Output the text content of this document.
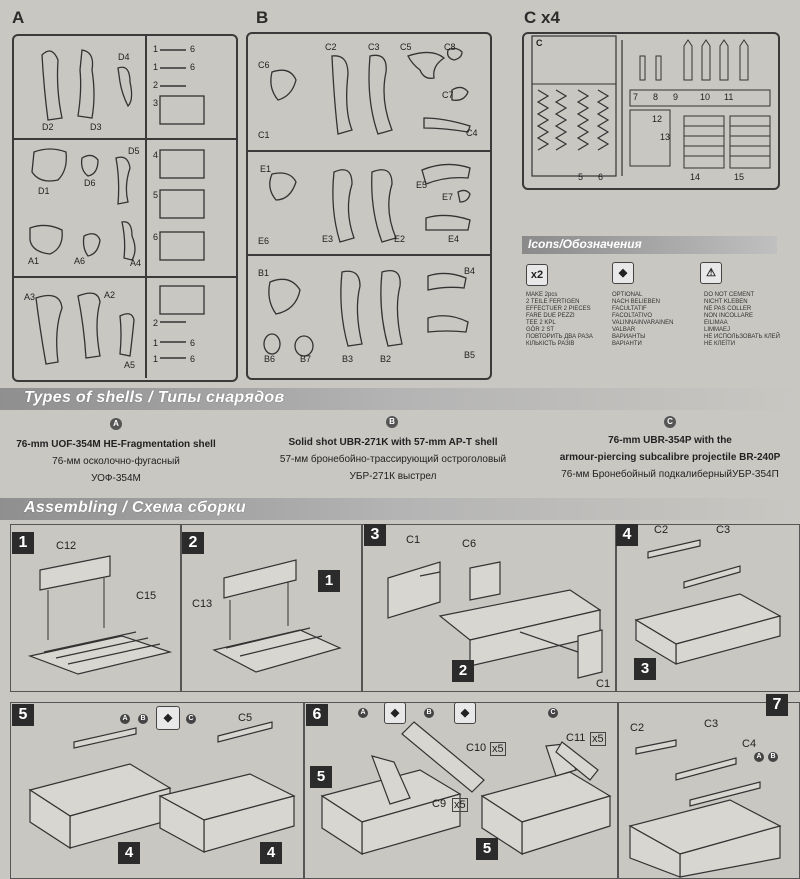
A
D4
D2	D3
D5
D1
D6
A1	A6	A4
A3	A2
A5
1
1
2
3
4
5
6
2
1
1
6
6
6
6
B
C2	C3 C5	C8
C6
C7
C1	C4
E1
E5
E7
E6	E3	E2	E4
B1	B4
B6	B7	B3	B2	B5
C x4
C
7 8 9 10 11
12
13
5 6	14	15
Icons/Обозначения
x2
MAKE 2pcs
2 TEILE FERTIGEN
EFFECTUER 2 PIECES
FARE DUE PEZZI
TEE 2 KPL
GÖR 2 ST
ПОВТОРИТЬ ДВА РАЗА
КІЛЬКІСТЬ РАЗІВ
◆
OPTIONAL
NACH BELIEBEN
FACULTATIF
FACOLTATIVO
VALINNAINVARAINEN
VALBAR
ВАРИАНТЫ
ВАРІАНТИ
⚠
DO NOT CEMENT
NICHT KLEBEN
NE PAS COLLER
NON INCOLLARE
EILIMAA
LIMMAEJ
НЕ ИСПОЛЬЗОВАТЬ КЛЕЙ
НЕ КЛЕЇТИ
Types of shells / Типы снарядов
A
76-mm UOF-354M HE-Fragmentation shell
76-мм осколочно-фугасный
УОФ-354М
B
Solid shot UBR-271K with 57-mm AP-T shell
57-мм бронебойно-трассирующий остроголовый
УБР-271К выстрел
C
76-mm UBR-354P with the
armour-piercing subcalibre projectile BR-240P
76-мм Бронебойный подкалиберныйУБР-354П
Assembling / Схема сборки
1	2	3	4
5	6
7
C12
C15
C13
1
C1	C6
2
C1
C2	C3
3
A	B	◆	C	C5
4	4
A	◆	B	◆	C
C10 x5
C9 x5
C11 x5
5
5
C2	C3
C4
A	B
